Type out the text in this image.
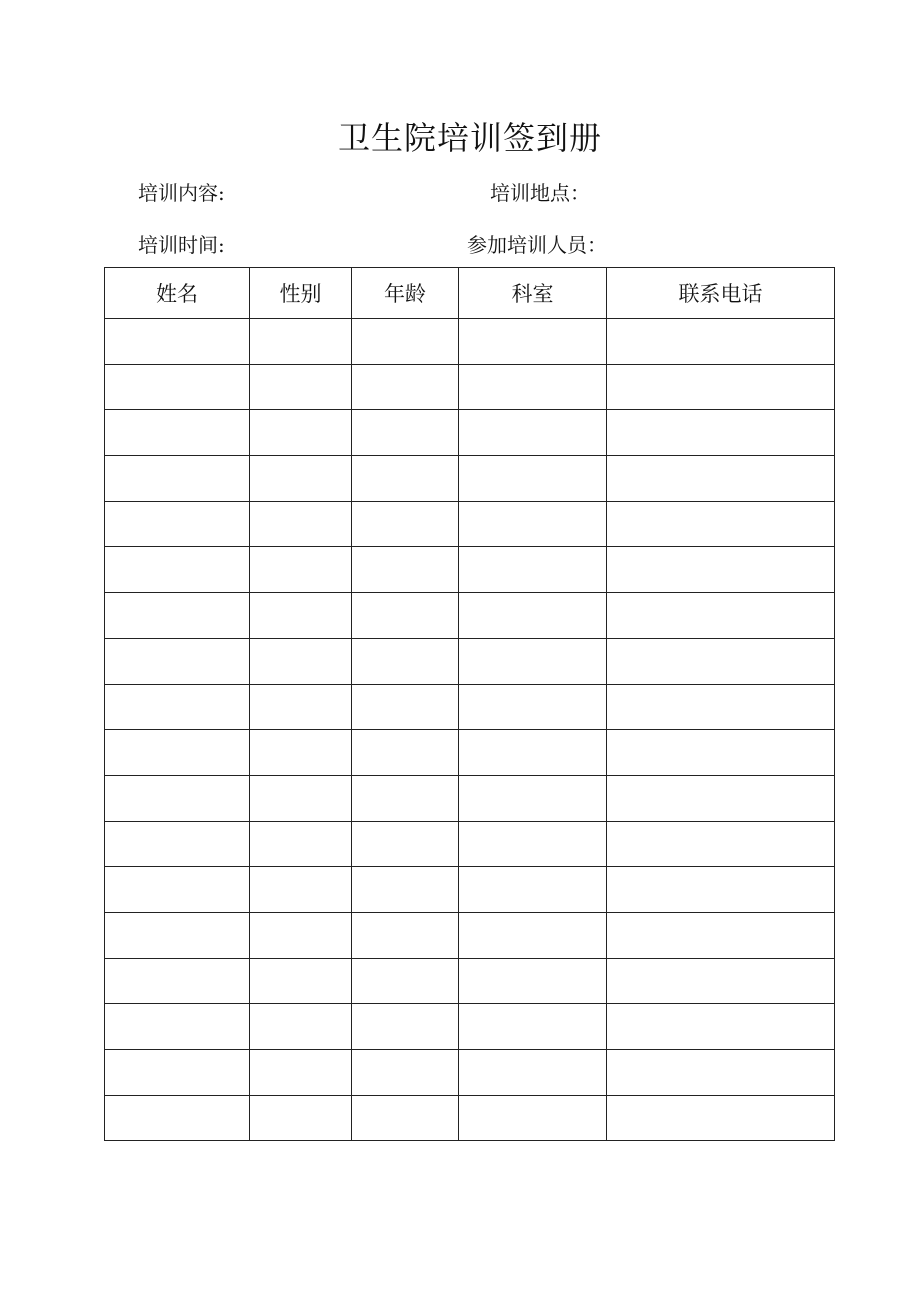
卫生院培训签到册
培训内容:	培训地点：
培训时间:	参加培训人员：
姓名	性别	年龄	科室	联系电话
